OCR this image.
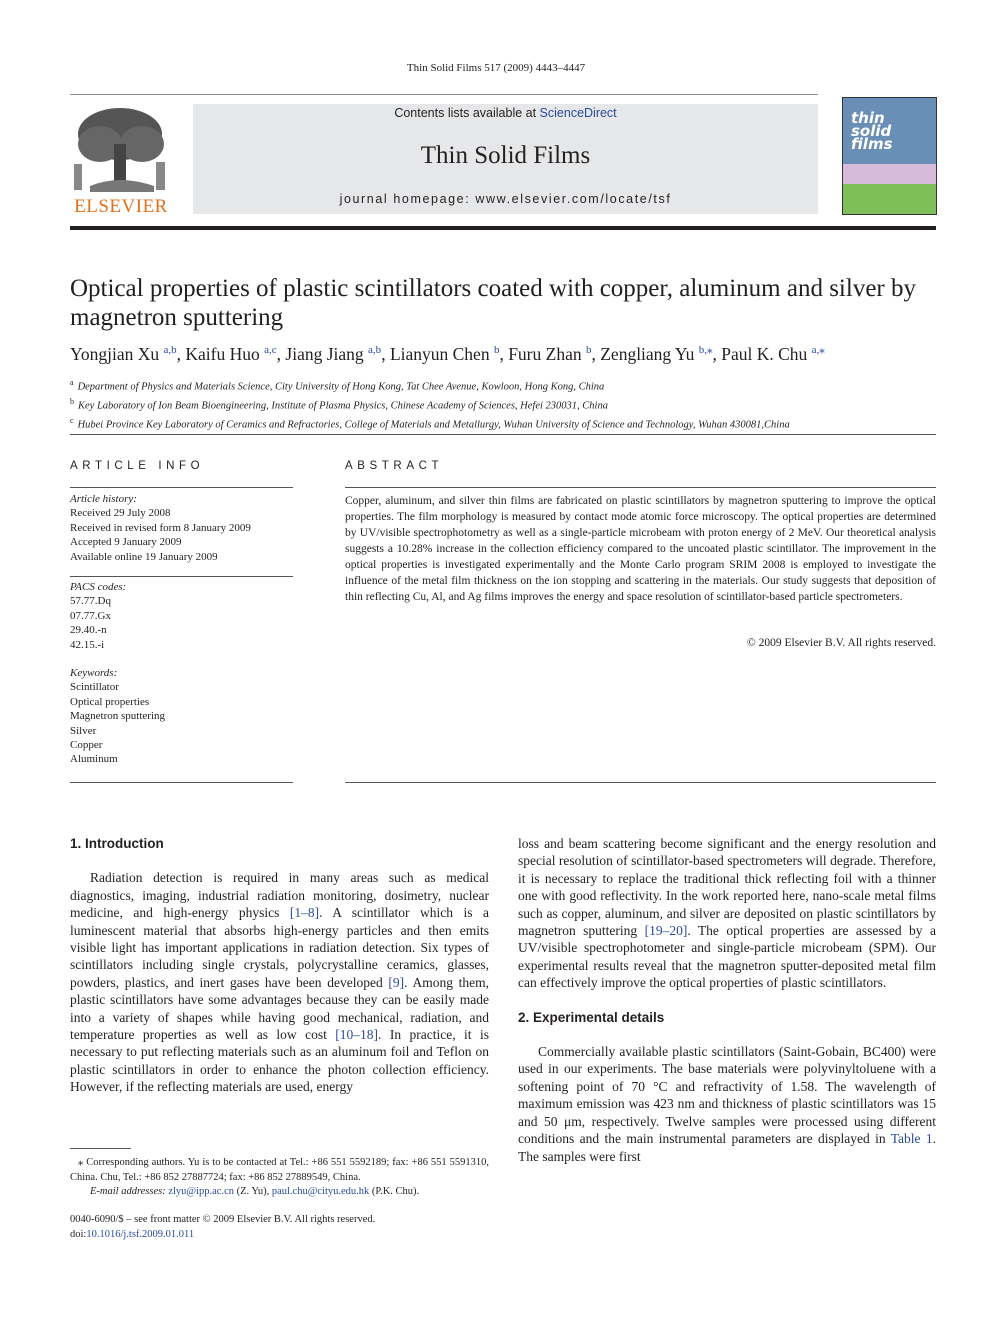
Thin Solid Films 517 (2009) 4443–4447
ELSEVIER
Contents lists available at ScienceDirect
Thin Solid Films
journal homepage: www.elsevier.com/locate/tsf
thin solid films
Optical properties of plastic scintillators coated with copper, aluminum and silver by magnetron sputtering
Yongjian Xu $^{a,b}$, Kaifu Huo $^{a,c}$, Jiang Jiang $^{a,b}$, Lianyun Chen $^b$, Furu Zhan $^b$, Zengliang Yu $^{b,⁎}$, Paul K. Chu $^{a,⁎}$
$^a$ Department of Physics and Materials Science, City University of Hong Kong, Tat Chee Avenue, Kowloon, Hong Kong, China
$^b$ Key Laboratory of Ion Beam Bioengineering, Institute of Plasma Physics, Chinese Academy of Sciences, Hefei 230031, China
$^c$ Hubei Province Key Laboratory of Ceramics and Refractories, College of Materials and Metallurgy, Wuhan University of Science and Technology, Wuhan 430081,China
ARTICLE INFO
Article history:
Received 29 July 2008
Received in revised form 8 January 2009
Accepted 9 January 2009
Available online 19 January 2009
PACS codes:
57.77.Dq
07.77.Gx
29.40.-n
42.15.-i
Keywords:
Scintillator
Optical properties
Magnetron sputtering
Silver
Copper
Aluminum
ABSTRACT
Copper, aluminum, and silver thin films are fabricated on plastic scintillators by magnetron sputtering to improve the optical properties. The film morphology is measured by contact mode atomic force microscopy. The optical properties are determined by UV/visible spectrophotometry as well as a single-particle microbeam with proton energy of 2 MeV. Our theoretical analysis suggests a 10.28% increase in the collection efficiency compared to the uncoated plastic scintillator. The improvement in the optical properties is investigated experimentally and the Monte Carlo program SRIM 2008 is employed to investigate the influence of the metal film thickness on the ion stopping and scattering in the materials. Our study suggests that deposition of thin reflecting Cu, Al, and Ag films improves the energy and space resolution of scintillator-based particle spectrometers.
© 2009 Elsevier B.V. All rights reserved.
1. Introduction

Radiation detection is required in many areas such as medical diagnostics, imaging, industrial radiation monitoring, dosimetry, nuclear medicine, and high-energy physics [1–8]. A scintillator which is a luminescent material that absorbs high-energy particles and then emits visible light has important applications in radiation detection. Six types of scintillators including single crystals, polycrystalline ceramics, glasses, powders, plastics, and inert gases have been developed [9]. Among them, plastic scintillators have some advantages because they can be easily made into a variety of shapes while having good mechanical, radiation, and temperature properties as well as low cost [10–18]. In practice, it is necessary to put reflecting materials such as an aluminum foil and Teflon on plastic scintillators in order to enhance the photon collection efficiency. However, if the reflecting materials are used, energy

loss and beam scattering become significant and the energy resolution and special resolution of scintillator-based spectrometers will degrade. Therefore, it is necessary to replace the traditional thick reflecting foil with a thinner one with good reflectivity. In the work reported here, nano-scale metal films such as copper, aluminum, and silver are deposited on plastic scintillators by magnetron sputtering [19–20]. The optical properties are assessed by a UV/visible spectrophotometer and single-particle microbeam (SPM). Our experimental results reveal that the magnetron sputter-deposited metal film can effectively improve the optical properties of plastic scintillators.

2. Experimental details

Commercially available plastic scintillators (Saint-Gobain, BC400) were used in our experiments. The base materials were polyvinyltoluene with a softening point of 70 °C and refractivity of 1.58. The wavelength of maximum emission was 423 nm and thickness of plastic scintillators was 15 and 50 μm, respectively. Twelve samples were processed using different conditions and the main instrumental parameters are displayed in Table 1. The samples were first

⁎ Corresponding authors. Yu is to be contacted at Tel.: +86 551 5592189; fax: +86 551 5591310, China. Chu, Tel.: +86 852 27887724; fax: +86 852 27889549, China.
E-mail addresses: zlyu@ipp.ac.cn (Z. Yu), paul.chu@cityu.edu.hk (P.K. Chu).
0040-6090/$ – see front matter © 2009 Elsevier B.V. All rights reserved.
doi:10.1016/j.tsf.2009.01.011
